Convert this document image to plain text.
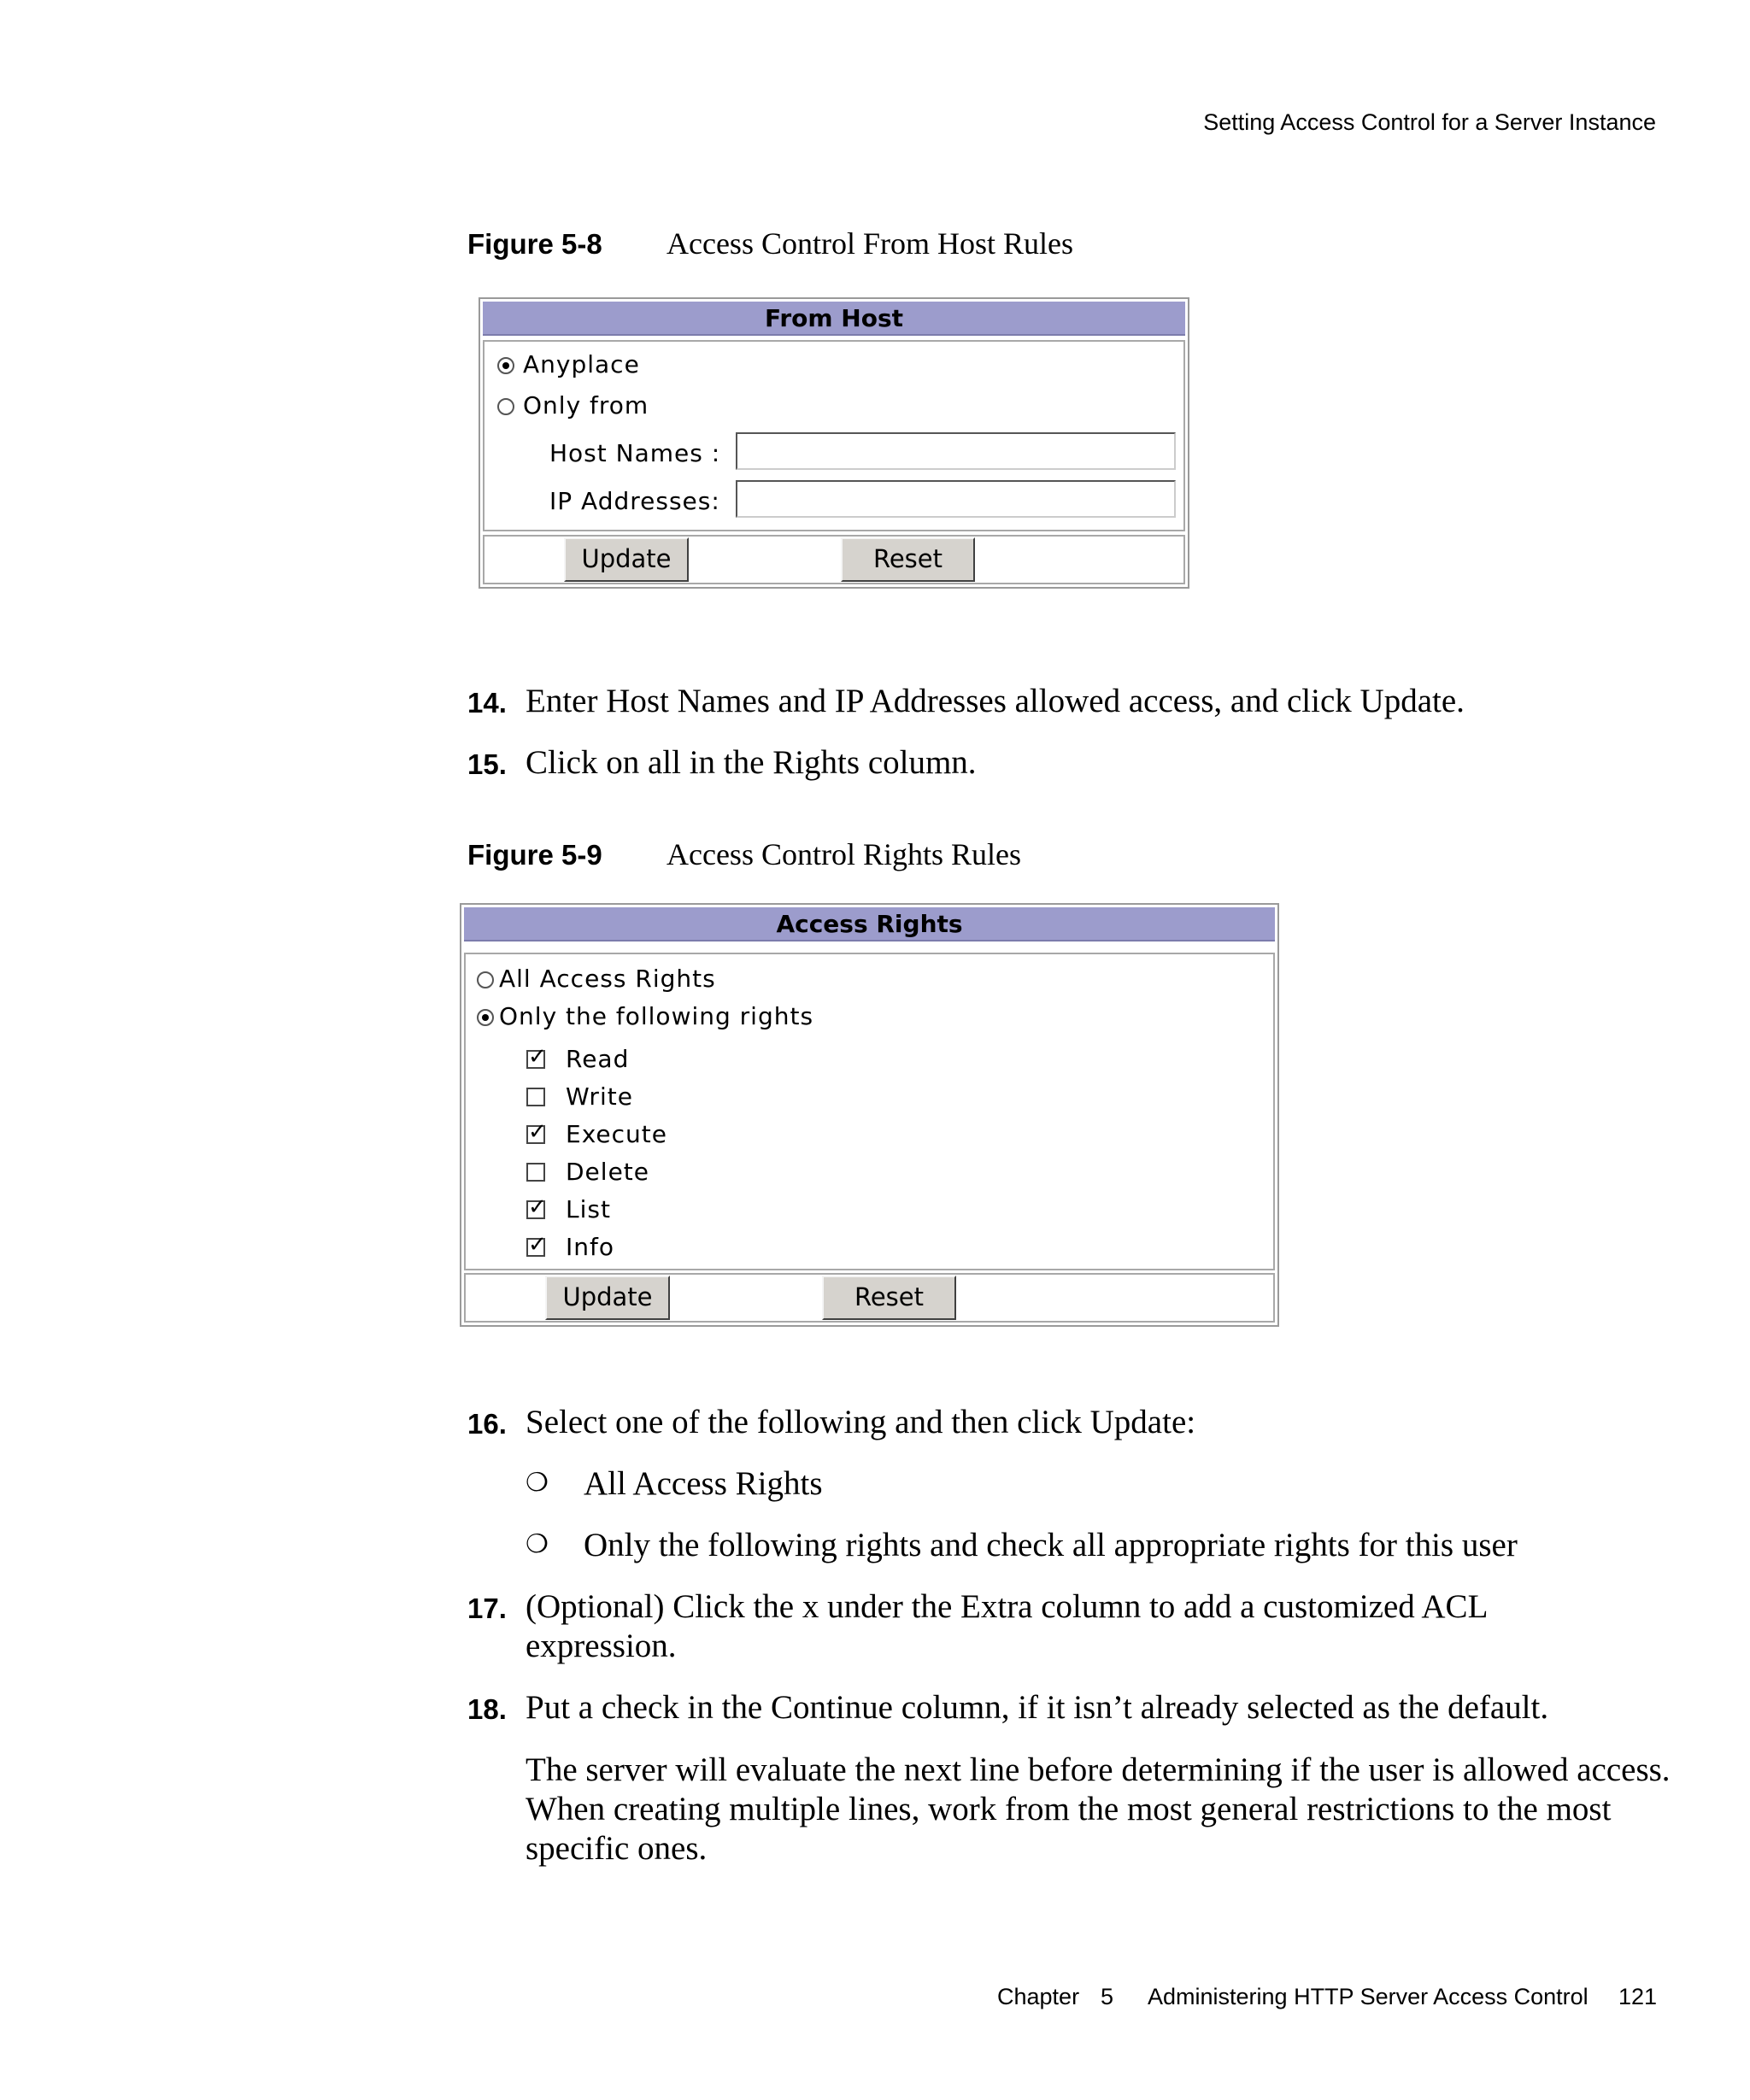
Setting Access Control for a Server Instance
Figure 5-8 Access Control From Host Rules
From Host
Anyplace
Only from
Host Names :
IP Addresses:
Update	Reset
14. Enter Host Names and IP Addresses allowed access, and click Update.
15. Click on all in the Rights column.
Figure 5-9 Access Control Rights Rules
Access Rights
All Access Rights
Only the following rights
✓Read
Write
✓Execute
Delete
✓List
✓Info
Update	Reset
16. Select one of the following and then click Update:
❍ All Access Rights
❍ Only the following rights and check all appropriate rights for this user
17. (Optional) Click the x under the Extra column to add a customized ACL expression.
18. Put a check in the Continue column, if it isn’t already selected as the default.
The server will evaluate the next line before determining if the user is allowed access. When creating multiple lines, work from the most general restrictions to the most specific ones.
Chapter 5 Administering HTTP Server Access Control 121
